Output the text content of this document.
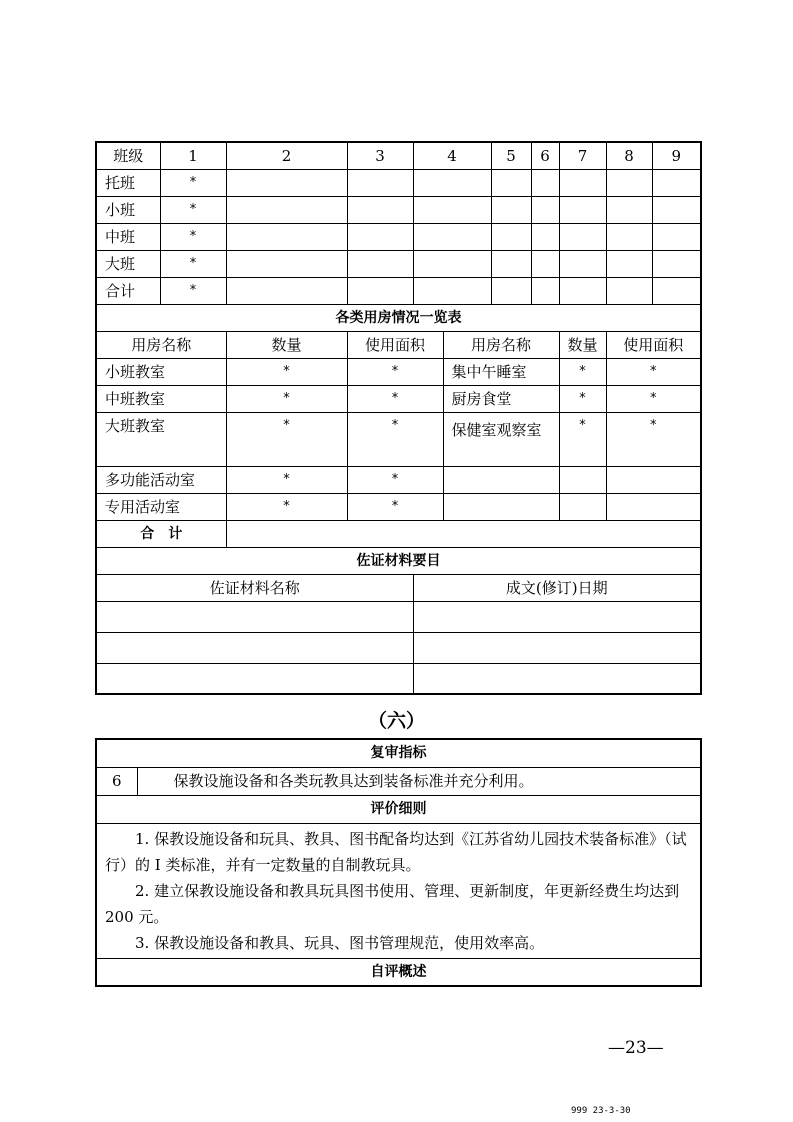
班级	1	2	3	4		5	6	7	8	9
托班	*									
小班	*									
中班	*									
大班	*									
合计	*									
各类用房情况一览表										
用房名称		数量	使用面积		用房名称			数量	使用面积	
小班教室		*	*		集中午睡室			*	*	
中班教室		*	*		厨房食堂			*	*	
大班教室		*	*		保健室观察室			*	*	
多功能活动室		*	*							
专用活动室		*	*							
合　计										
佐证材料要目										
佐证材料名称				成文(修订)日期						

（六）
复审指标
6	保教设施设备和各类玩教具达到装备标准并充分利用。
评价细则

1. 保教设施设备和玩具、教具、图书配备均达到《江苏省幼儿园技术装备标准》（试行）的 I 类标准，并有一定数量的自制教玩具。

2. 建立保教设施设备和教具玩具图书使用、管理、更新制度，年更新经费生均达到 200 元。

3. 保教设施设备和教具、玩具、图书管理规范，使用效率高。

自评概述
—23—
999 23-3-30
